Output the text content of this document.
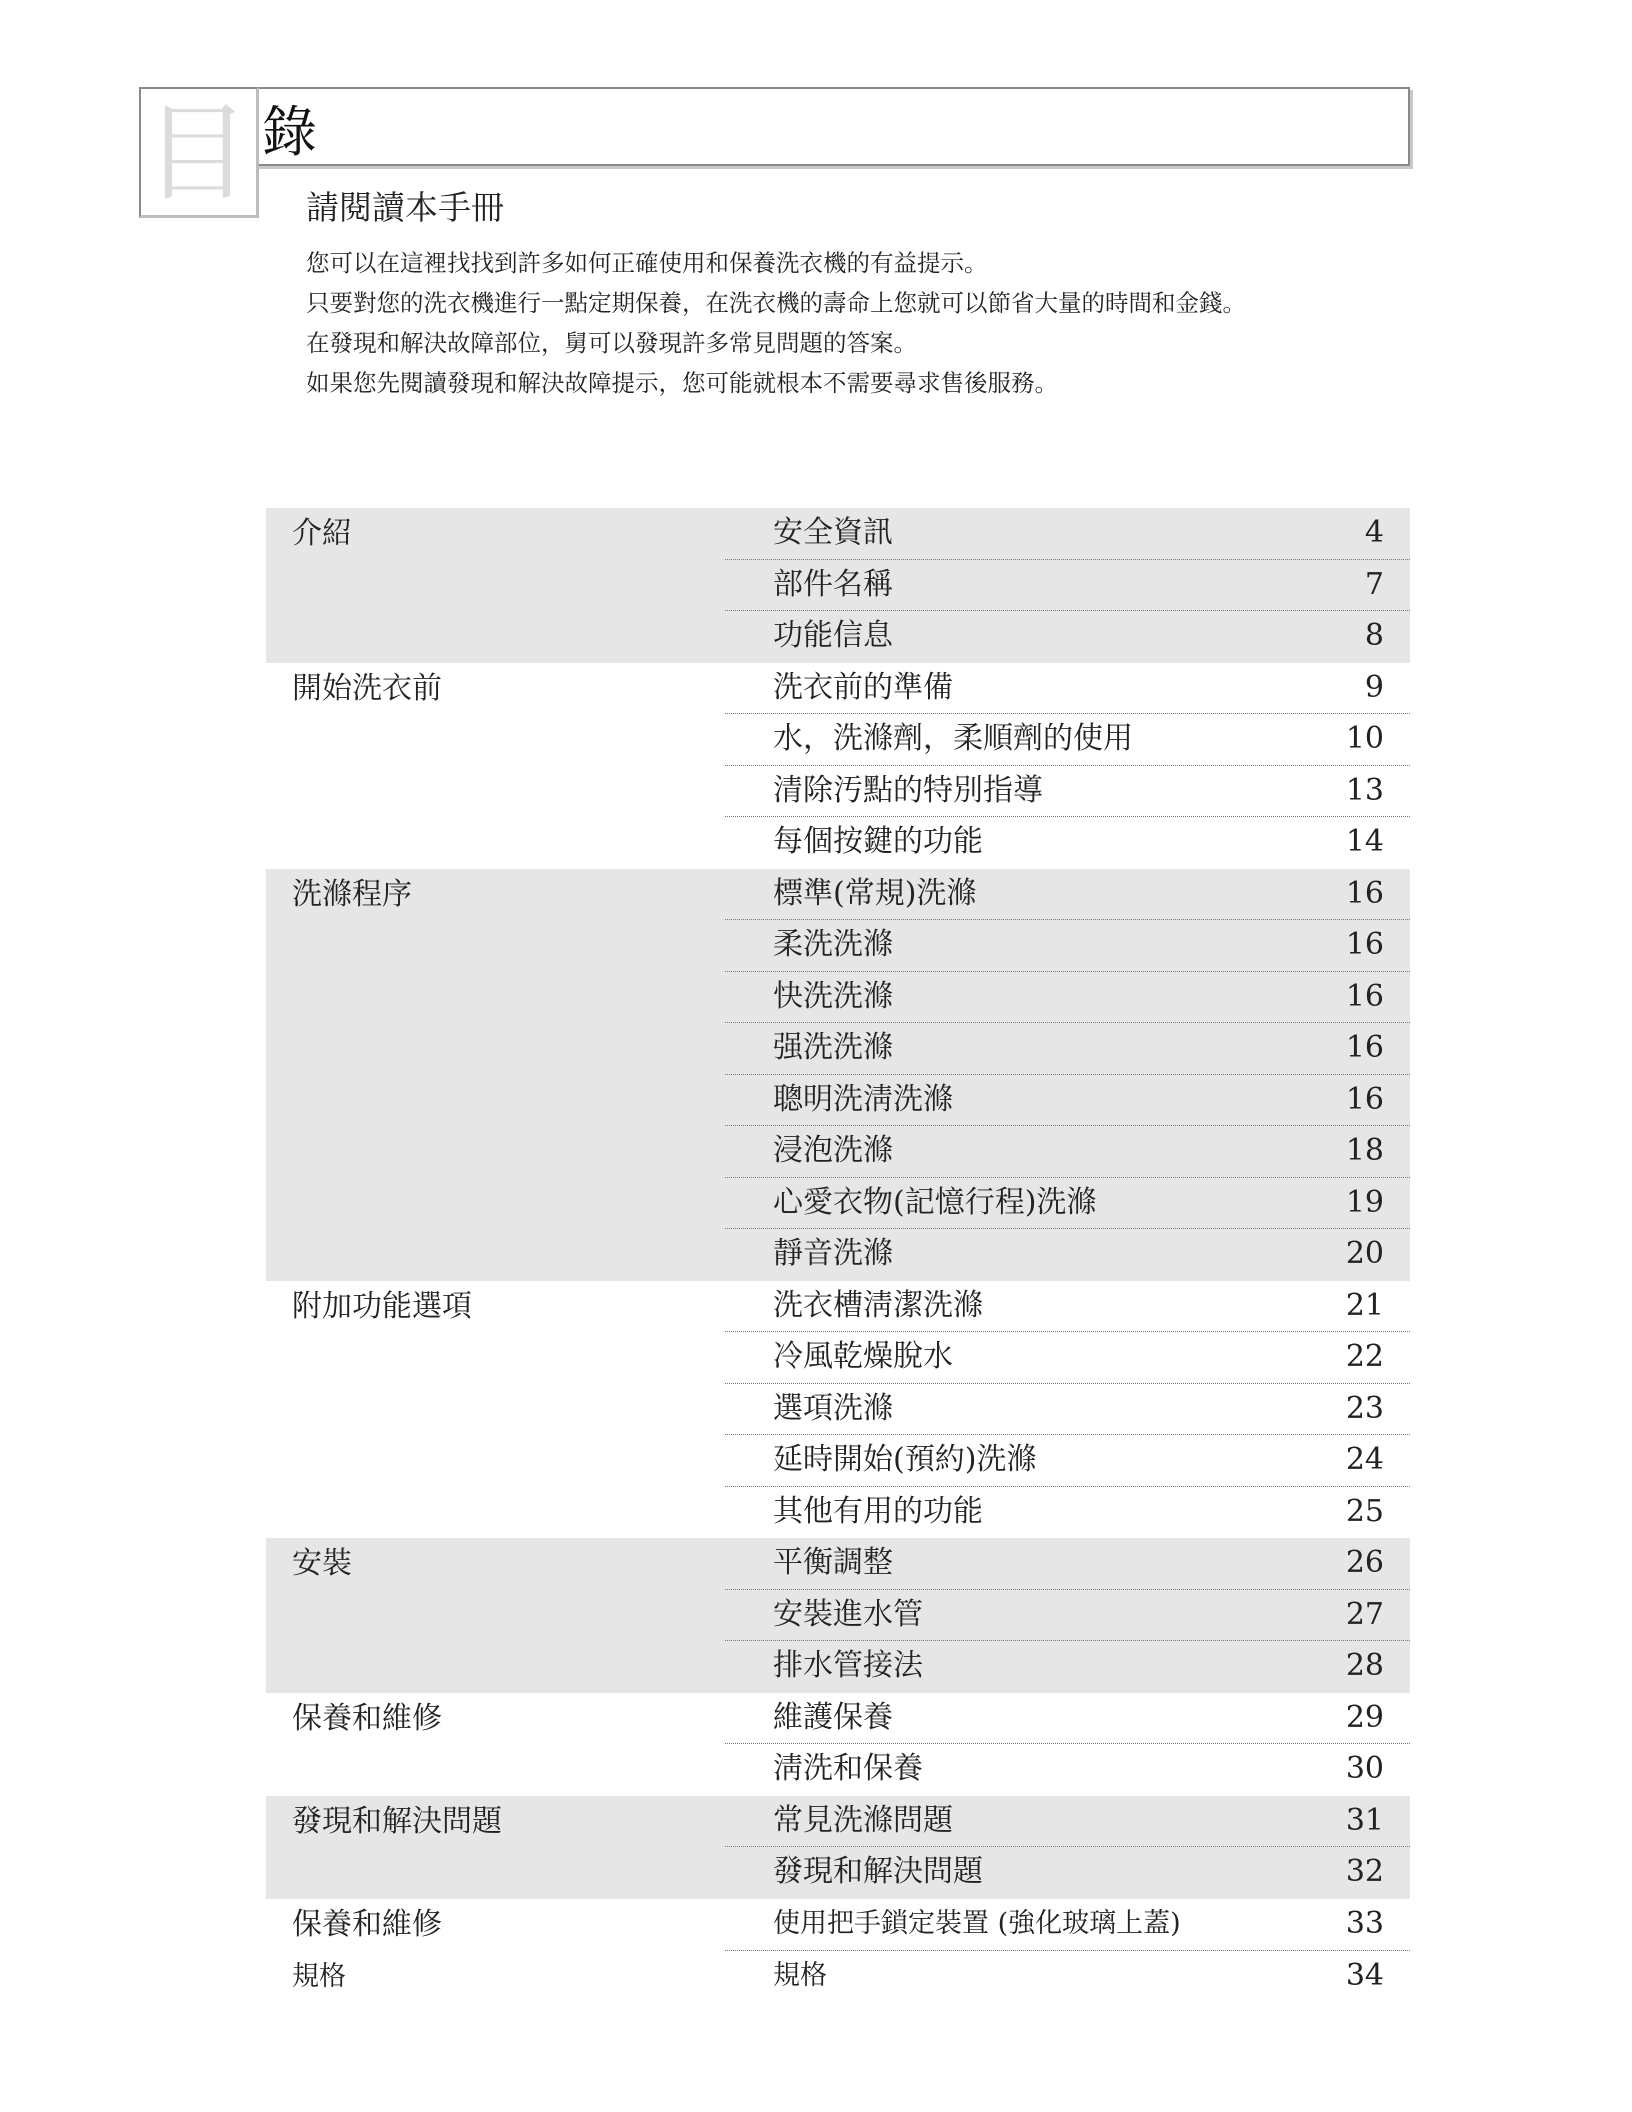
目 錄
請閱讀本手冊
您可以在這裡找找到許多如何正確使用和保養洗衣機的有益提示。
只要對您的洗衣機進行一點定期保養，在洗衣機的壽命上您就可以節省大量的時間和金錢。
在發現和解決故障部位，舅可以發現許多常見問題的答案。
如果您先閱讀發現和解決故障提示，您可能就根本不需要尋求售後服務。
介紹	安全資訊	4
部件名稱	7
功能信息	8
開始洗衣前	洗衣前的準備	9
水，洗滌劑，柔順劑的使用	10
清除汚點的特別指導	13
每個按鍵的功能	14
洗滌程序	標準(常規)洗滌	16
柔洗洗滌	16
快洗洗滌	16
强洗洗滌	16
聰明洗淸洗滌	16
浸泡洗滌	18
心愛衣物(記憶行程)洗滌	19
靜音洗滌	20
附加功能選項	洗衣槽淸潔洗滌	21
冷風乾燥脫水	22
選項洗滌	23
延時開始(預約)洗滌	24
其他有用的功能	25
安裝	平衡調整	26
安裝進水管	27
排水管接法	28
保養和維修	維護保養	29
淸洗和保養	30
發現和解決問題	常見洗滌問題	31
發現和解決問題	32
保養和維修	使用把手鎖定裝置 (強化玻璃上蓋)	33
規格	規格	34
